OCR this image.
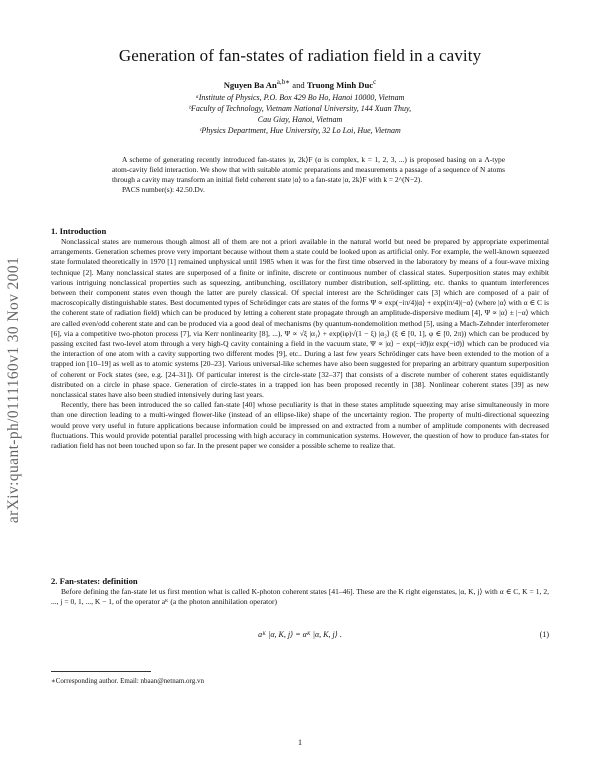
arXiv:quant-ph/0111160v1 30 Nov 2001
Generation of fan-states of radiation field in a cavity
Nguyen Ba $An^{a,b∗}$ and Truong Minh Duc$^c$
ᵃInstitute of Physics, P.O. Box 429 Bo Ho, Hanoi 10000, Vietnam
ᵇFaculty of Technology, Vietnam National University, 144 Xuan Thuy,
Cau Giay, Hanoi, Vietnam
ᶜPhysics Department, Hue University, 32 Lo Loi, Hue, Vietnam

A scheme of generating recently introduced fan-states |α, 2k⟩F (α is complex, k = 1, 2, 3, ...) is proposed basing on a Λ-type atom-cavity field interaction. We show that with suitable atomic preparations and measurements a passage of a sequence of N atoms through a cavity may transform an initial field coherent state |α⟩ to a fan-state |α, 2k⟩F with k = 2^(N−2).

PACS number(s): 42.50.Dv.
1. Introduction

Nonclassical states are numerous though almost all of them are not a priori available in the natural world but need be prepared by appropriate experimental arrangements. Generation schemes prove very important because without them a state could be looked upon as artificial only. For example, the well-known squeezed state formulated theoretically in 1970 [1] remained unphysical until 1985 when it was for the first time observed in the laboratory by means of a four-wave mixing technique [2]. Many nonclassical states are superposed of a finite or infinite, discrete or continuous number of classical states. Superposition states may exhibit various intriguing nonclassical properties such as squeezing, antibunching, oscillatory number distribution, self-splitting, etc. thanks to quantum interferences between their component states even though the latter are purely classical. Of special interest are the Schrödinger cats [3] which are composed of a pair of macroscopically distinguishable states. Best documented types of Schrödinger cats are states of the forms Ψ ∝ exp(−iπ/4)|α⟩ + exp(iπ/4)|−α⟩ (where |α⟩ with α ∈ C is the coherent state of radiation field) which can be produced by letting a coherent state propagate through an amplitude-dispersive medium [4], Ψ ∝ |α⟩ ± |−α⟩ which are called even/odd coherent state and can be produced via a good deal of mechanisms (by quantum-nondemolition method [5], using a Mach-Zehnder interferometer [6], via a competitive two-photon process [7], via Kerr nonlinearity [8], ...), Ψ ∝ √ξ |α₁⟩ + exp(iφ)√(1 − ξ) |α₂⟩ (ξ ∈ [0, 1], φ ∈ [0, 2π)) which can be produced by passing excited fast two-level atom through a very high-Q cavity containing a field in the vacuum state, Ψ ∝ |α⟩ − exp(−iϑ)|α exp(−iϑ)⟩ which can be produced via the interaction of one atom with a cavity supporting two different modes [9], etc.. During a last few years Schrödinger cats have been extended to the motion of a trapped ion [10–19] as well as to atomic systems [20–23]. Various universal-like schemes have also been suggested for preparing an arbitrary quantum superposition of coherent or Fock states (see, e.g. [24–31]). Of particular interest is the circle-state [32–37] that consists of a discrete number of coherent states equidistantly distributed on a circle in phase space. Generation of circle-states in a trapped ion has been proposed recently in [38]. Nonlinear coherent states [39] as new nonclassical states have also been studied intensively during last years.

Recently, there has been introduced the so called fan-state [40] whose peculiarity is that in these states amplitude squeezing may arise simultaneously in more than one direction leading to a multi-winged flower-like (instead of an ellipse-like) shape of the uncertainty region. The property of multi-directional squeezing would prove very useful in future applications because information could be impressed on and extracted from a number of amplitude components with decreased fluctuations. This would provide potential parallel processing with high accuracy in communication systems. However, the question of how to produce fan-states for radiation field has not been touched upon so far. In the present paper we consider a possible scheme to realize that.

2. Fan-states: definition

Before defining the fan-state let us first mention what is called K-photon coherent states [41–46]. These are the K right eigenstates, |α, K, j⟩ with α ∈ C, K = 1, 2, ..., j = 0, 1, ..., K − 1, of the operator aᴷ (a the photon annihilation operator)

aᴷ |α, K, j⟩ = αᴷ |α, K, j⟩ .	(1)
∗Corresponding author. Email: nbaan@netnam.org.vn
1
